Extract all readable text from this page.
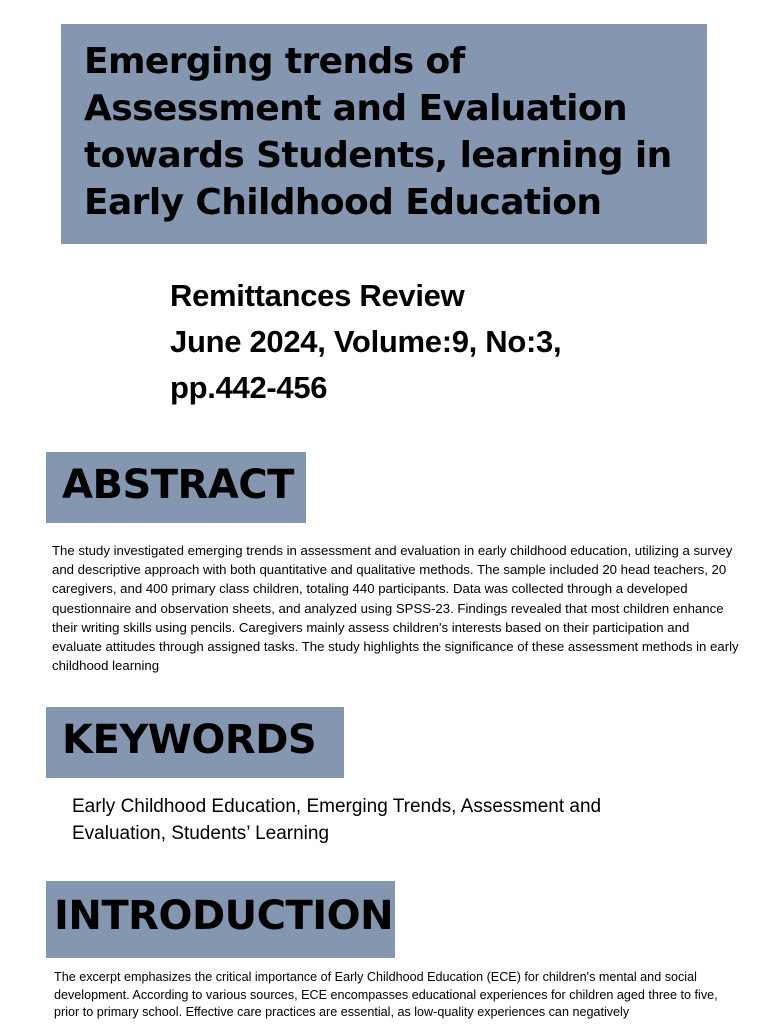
Emerging trends of
Assessment and Evaluation
towards Students, learning in
Early Childhood Education
Remittances Review
June 2024, Volume:9, No:3,
pp.442-456
ABSTRACT

The study investigated emerging trends in assessment and evaluation in early childhood education, utilizing a survey and descriptive approach with both quantitative and qualitative methods. The sample included 20 head teachers, 20 caregivers, and 400 primary class children, totaling 440 participants. Data was collected through a developed questionnaire and observation sheets, and analyzed using SPSS-23. Findings revealed that most children enhance their writing skills using pencils. Caregivers mainly assess children's interests based on their participation and evaluate attitudes through assigned tasks. The study highlights the significance of these assessment methods in early childhood learning

KEYWORDS

Early Childhood Education, Emerging Trends, Assessment and Evaluation, Students’ Learning

INTRODUCTION

The excerpt emphasizes the critical importance of Early Childhood Education (ECE) for children's mental and social development. According to various sources, ECE encompasses educational experiences for children aged three to five, prior to primary school. Effective care practices are essential, as low-quality experiences can negatively
